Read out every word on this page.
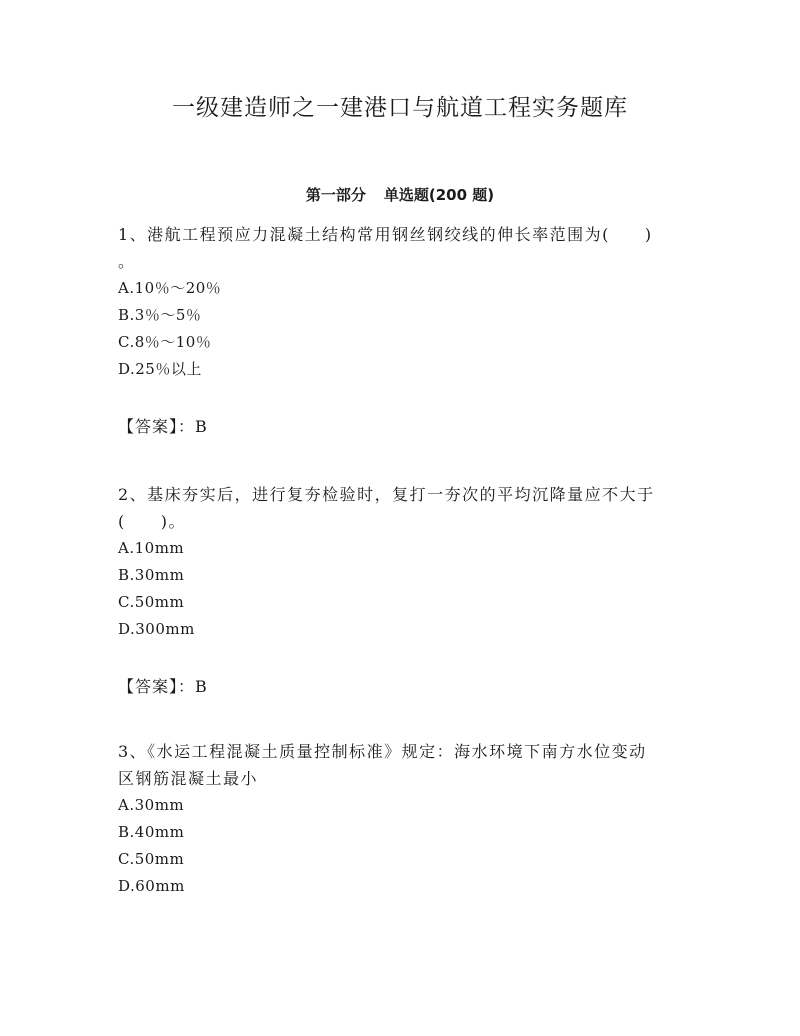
一级建造师之一建港口与航道工程实务题库
第一部分 单选题(200 题)
1、港航工程预应力混凝土结构常用钢丝钢绞线的伸长率范围为(　　)
。
A.10％～20％
B.3％～5％
C.8％～10％
D.25％以上
【答案】：B
2、基床夯实后，进行复夯检验时，复打一夯次的平均沉降量应不大于
(　　)。
A.10mm
B.30mm
C.50mm
D.300mm
【答案】：B
3、《水运工程混凝土质量控制标准》规定：海水环境下南方水位变动
区钢筋混凝土最小
A.30mm
B.40mm
C.50mm
D.60mm
